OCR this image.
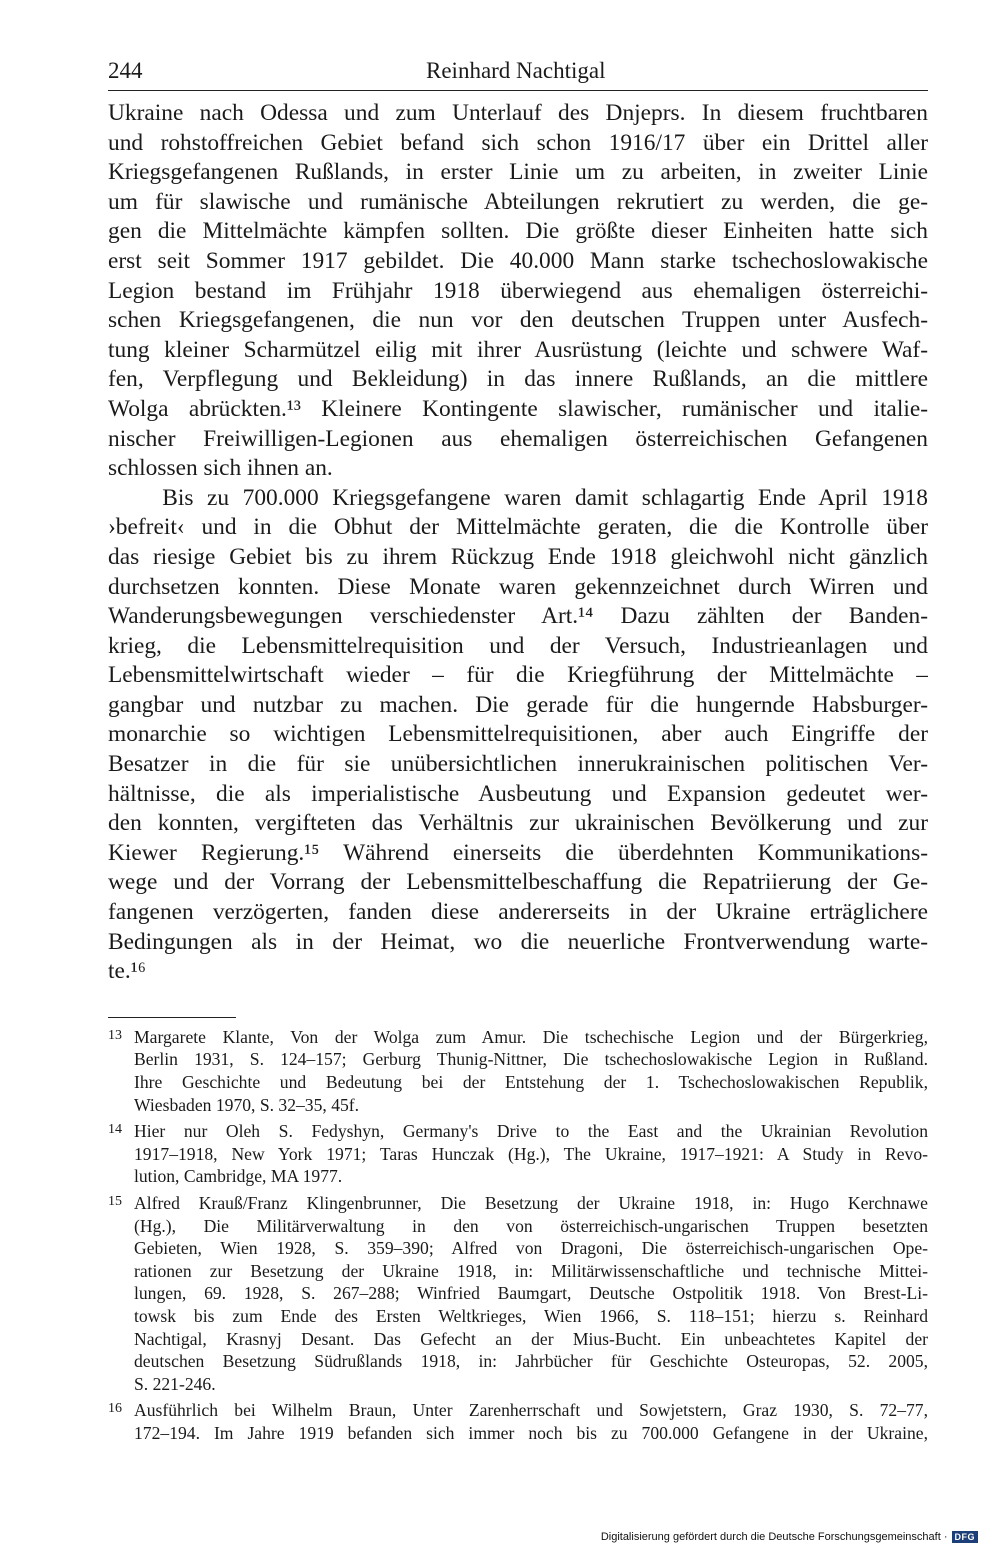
244	Reinhard Nachtigal
Ukraine nach Odessa und zum Unterlauf des Dnjeprs. In diesem fruchtbaren
und rohstoffreichen Gebiet befand sich schon 1916/17 über ein Drittel aller
Kriegsgefangenen Rußlands, in erster Linie um zu arbeiten, in zweiter Linie
um für slawische und rumänische Abteilungen rekrutiert zu werden, die ge-
gen die Mittelmächte kämpfen sollten. Die größte dieser Einheiten hatte sich
erst seit Sommer 1917 gebildet. Die 40.000 Mann starke tschechoslowakische
Legion bestand im Frühjahr 1918 überwiegend aus ehemaligen österreichi-
schen Kriegsgefangenen, die nun vor den deutschen Truppen unter Ausfech-
tung kleiner Scharmützel eilig mit ihrer Ausrüstung (leichte und schwere Waf-
fen, Verpflegung und Bekleidung) in das innere Rußlands, an die mittlere
Wolga abrückten.¹³ Kleinere Kontingente slawischer, rumänischer und italie-
nischer Freiwilligen-Legionen aus ehemaligen österreichischen Gefangenen
schlossen sich ihnen an.
Bis zu 700.000 Kriegsgefangene waren damit schlagartig Ende April 1918
›befreit‹ und in die Obhut der Mittelmächte geraten, die die Kontrolle über
das riesige Gebiet bis zu ihrem Rückzug Ende 1918 gleichwohl nicht gänzlich
durchsetzen konnten. Diese Monate waren gekennzeichnet durch Wirren und
Wanderungsbewegungen verschiedenster Art.¹⁴ Dazu zählten der Banden-
krieg, die Lebensmittelrequisition und der Versuch, Industrieanlagen und
Lebensmittelwirtschaft wieder – für die Kriegführung der Mittelmächte –
gangbar und nutzbar zu machen. Die gerade für die hungernde Habsburger-
monarchie so wichtigen Lebensmittelrequisitionen, aber auch Eingriffe der
Besatzer in die für sie unübersichtlichen innerukrainischen politischen Ver-
hältnisse, die als imperialistische Ausbeutung und Expansion gedeutet wer-
den konnten, vergifteten das Verhältnis zur ukrainischen Bevölkerung und zur
Kiewer Regierung.¹⁵ Während einerseits die überdehnten Kommunikations-
wege und der Vorrang der Lebensmittelbeschaffung die Repatriierung der Ge-
fangenen verzögerten, fanden diese andererseits in der Ukraine erträglichere
Bedingungen als in der Heimat, wo die neuerliche Frontverwendung warte-
te.¹⁶
13 Margarete Klante, Von der Wolga zum Amur. Die tschechische Legion und der Bürgerkrieg,
Berlin 1931, S. 124–157; Gerburg Thunig-Nittner, Die tschechoslowakische Legion in Rußland.
Ihre Geschichte und Bedeutung bei der Entstehung der 1. Tschechoslowakischen Republik,
Wiesbaden 1970, S. 32–35, 45f.
14 Hier nur Oleh S. Fedyshyn, Germany's Drive to the East and the Ukrainian Revolution
1917–1918, New York 1971; Taras Hunczak (Hg.), The Ukraine, 1917–1921: A Study in Revo-
lution, Cambridge, MA 1977.
15 Alfred Krauß/Franz Klingenbrunner, Die Besetzung der Ukraine 1918, in: Hugo Kerchnawe
(Hg.), Die Militärverwaltung in den von österreichisch-ungarischen Truppen besetzten
Gebieten, Wien 1928, S. 359–390; Alfred von Dragoni, Die österreichisch-ungarischen Ope-
rationen zur Besetzung der Ukraine 1918, in: Militärwissenschaftliche und technische Mittei-
lungen, 69. 1928, S. 267–288; Winfried Baumgart, Deutsche Ostpolitik 1918. Von Brest-Li-
towsk bis zum Ende des Ersten Weltkrieges, Wien 1966, S. 118–151; hierzu s. Reinhard
Nachtigal, Krasnyj Desant. Das Gefecht an der Mius-Bucht. Ein unbeachtetes Kapitel der
deutschen Besetzung Südrußlands 1918, in: Jahrbücher für Geschichte Osteuropas, 52. 2005,
S. 221-246.
16 Ausführlich bei Wilhelm Braun, Unter Zarenherrschaft und Sowjetstern, Graz 1930, S. 72–77,
172–194. Im Jahre 1919 befanden sich immer noch bis zu 700.000 Gefangene in der Ukraine,
Digitalisierung gefördert durch die Deutsche Forschungsgemeinschaft · DFG
